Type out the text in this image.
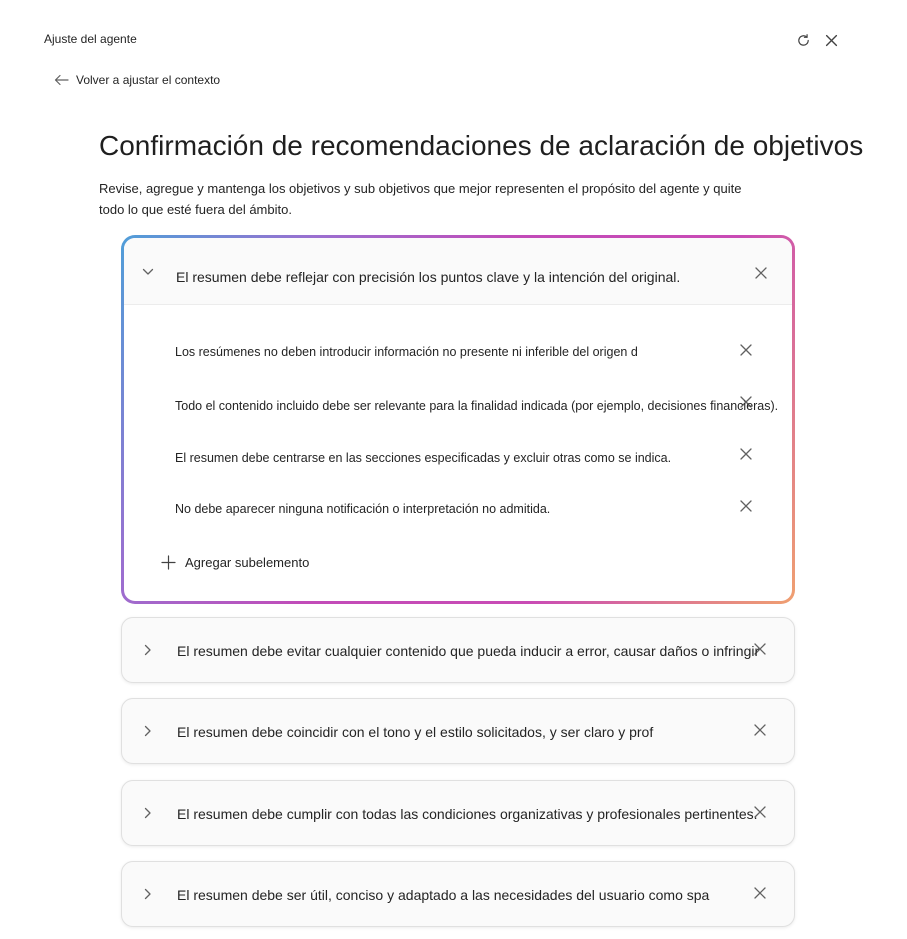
Ajuste del agente
Volver a ajustar el contexto
Confirmación de recomendaciones de aclaración de objetivos
Revise, agregue y mantenga los objetivos y sub objetivos que mejor representen el propósito del agente y quite todo lo que esté fuera del ámbito.
El resumen debe reflejar con precisión los puntos clave y la intención del original.
Los resúmenes no deben introducir información no presente ni inferible del origen d
Todo el contenido incluido debe ser relevante para la finalidad indicada (por ejemplo, decisiones financieras).
El resumen debe centrarse en las secciones especificadas y excluir otras como se indica.
No debe aparecer ninguna notificación o interpretación no admitida.
Agregar subelemento
El resumen debe evitar cualquier contenido que pueda inducir a error, causar daños o infringir
El resumen debe coincidir con el tono y el estilo solicitados, y ser claro y prof
El resumen debe cumplir con todas las condiciones organizativas y profesionales pertinentes.
El resumen debe ser útil, conciso y adaptado a las necesidades del usuario como spa
